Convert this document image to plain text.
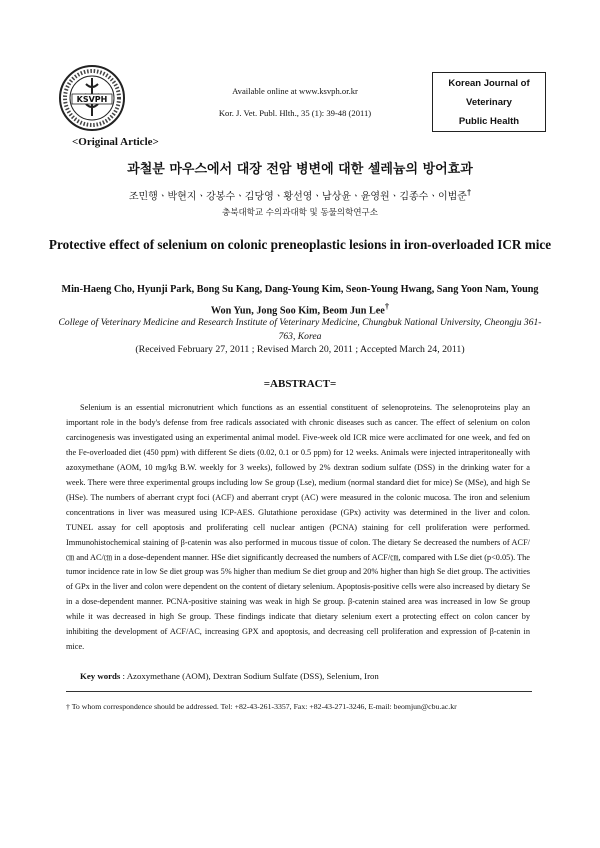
KSVPH
Available online at www.ksvph.or.kr
Kor. J. Vet. Publ. Hlth., 35 (1): 39-48 (2011)
Korean Journal of
Veterinary
Public Health
<Original Article>
과철분 마우스에서 대장 전암 병변에 대한 셀레늄의 방어효과
조민행ㆍ박현지ㆍ강봉수ㆍ김당영ㆍ황선영ㆍ남상윤ㆍ윤영원ㆍ김종수ㆍ이범준†
충북대학교 수의과대학 및 동물의학연구소
Protective effect of selenium on colonic preneoplastic lesions in iron-overloaded ICR mice
Min-Haeng Cho, Hyunji Park, Bong Su Kang, Dang-Young Kim, Seon-Young Hwang, Sang Yoon Nam, Young Won Yun, Jong Soo Kim, Beom Jun Lee†
College of Veterinary Medicine and Research Institute of Veterinary Medicine, Chungbuk National University, Cheongju 361-763, Korea
(Received February 27, 2011 ; Revised March 20, 2011 ; Accepted March 24, 2011)
=ABSTRACT=

Selenium is an essential micronutrient which functions as an essential constituent of selenoproteins. The selenoproteins play an important role in the body's defense from free radicals associated with chronic diseases such as cancer. The effect of selenium on colon carcinogenesis was investigated using an experimental animal model. Five-week old ICR mice were acclimated for one week, and fed on the Fe-overloaded diet (450 ppm) with different Se diets (0.02, 0.1 or 0.5 ppm) for 12 weeks. Animals were injected intraperitoneally with azoxymethane (AOM, 10 mg/kg B.W. weekly for 3 weeks), followed by 2% dextran sodium sulfate (DSS) in the drinking water for a week. There were three experimental groups including low Se group (Lse), medium (normal standard diet for mice) Se (MSe), and high Se (HSe). The numbers of aberrant crypt foci (ACF) and aberrant crypt (AC) were measured in the colonic mucosa. The iron and selenium concentrations in liver was measured using ICP-AES. Glutathione peroxidase (GPx) activity was determined in the liver and colon. TUNEL assay for cell apoptosis and proliferating cell nuclear antigen (PCNA) staining for cell proliferation were performed. Immunohistochemical staining of β-catenin was also performed in mucous tissue of colon. The dietary Se decreased the numbers of ACF/㎝ and AC/㎝ in a dose-dependent manner. HSe diet significantly decreased the numbers of ACF/㎝, compared with LSe diet (p<0.05). The tumor incidence rate in low Se diet group was 5% higher than medium Se diet group and 20% higher than high Se diet group. The activities of GPx in the liver and colon were dependent on the content of dietary selenium. Apoptosis-positive cells were also increased by dietary Se in a dose-dependent manner. PCNA-positive staining was weak in high Se group. β-catenin stained area was increased in low Se group while it was decreased in high Se group. These findings indicate that dietary selenium exert a protecting effect on colon cancer by inhibiting the development of ACF/AC, increasing GPX and apoptosis, and decreasing cell proliferation and expression of β-catenin in mice.

Key words : Azoxymethane (AOM), Dextran Sodium Sulfate (DSS), Selenium, Iron
† To whom correspondence should be addressed. Tel: +82-43-261-3357, Fax: +82-43-271-3246, E-mail: beomjun@cbu.ac.kr
